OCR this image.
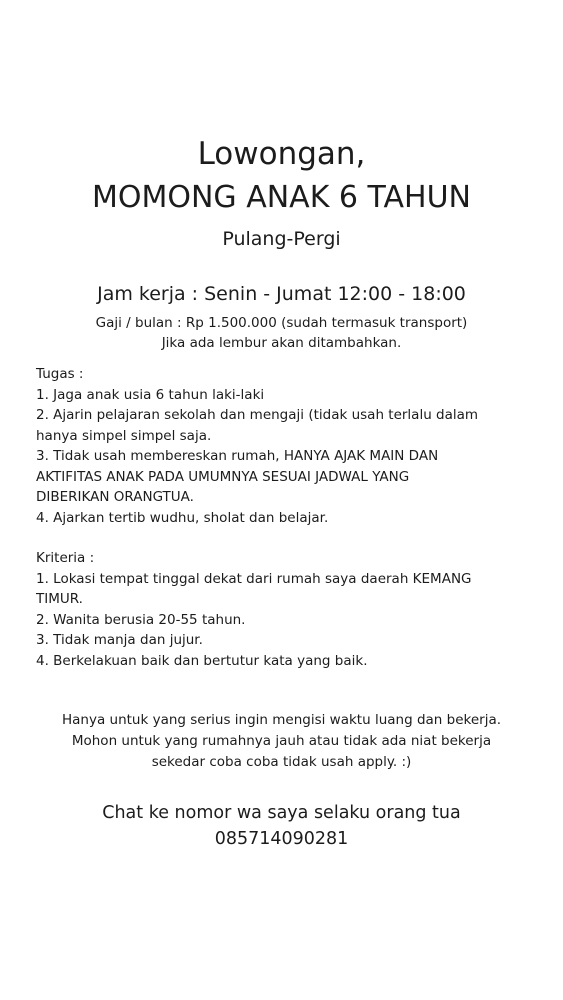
Lowongan,
MOMONG ANAK 6 TAHUN
Pulang-Pergi
Jam kerja : Senin - Jumat 12:00 - 18:00
Gaji / bulan : Rp 1.500.000 (sudah termasuk transport)
Jika ada lembur akan ditambahkan.
Tugas :
1. Jaga anak usia 6 tahun laki-laki
2. Ajarin pelajaran sekolah dan mengaji (tidak usah terlalu dalam
hanya simpel simpel saja.
3. Tidak usah membereskan rumah, HANYA AJAK MAIN DAN
AKTIFITAS ANAK PADA UMUMNYA SESUAI JADWAL YANG
DIBERIKAN ORANGTUA.
4. Ajarkan tertib wudhu, sholat dan belajar.
Kriteria :
1. Lokasi tempat tinggal dekat dari rumah saya daerah KEMANG
TIMUR.
2. Wanita berusia 20-55 tahun.
3. Tidak manja dan jujur.
4. Berkelakuan baik dan bertutur kata yang baik.
Hanya untuk yang serius ingin mengisi waktu luang dan bekerja.
Mohon untuk yang rumahnya jauh atau tidak ada niat bekerja
sekedar coba coba tidak usah apply. :)
Chat ke nomor wa saya selaku orang tua
085714090281
